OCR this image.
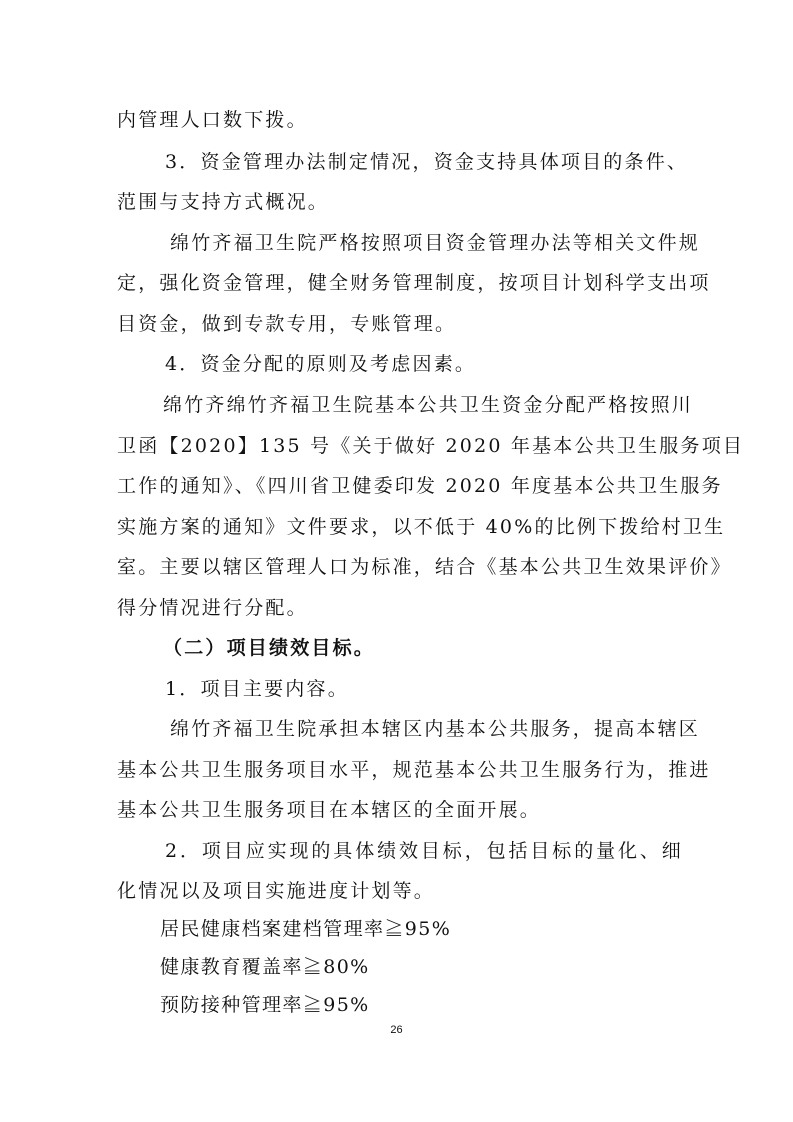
内管理人口数下拨。
3．资金管理办法制定情况，资金支持具体项目的条件、
范围与支持方式概况。
绵竹齐福卫生院严格按照项目资金管理办法等相关文件规
定，强化资金管理，健全财务管理制度，按项目计划科学支出项
目资金，做到专款专用，专账管理。
4．资金分配的原则及考虑因素。
绵竹齐绵竹齐福卫生院基本公共卫生资金分配严格按照川
卫函【2020】135 号《关于做好 2020 年基本公共卫生服务项目
工作的通知》、《四川省卫健委印发 2020 年度基本公共卫生服务
实施方案的通知》文件要求，以不低于 40%的比例下拨给村卫生
室。主要以辖区管理人口为标准，结合《基本公共卫生效果评价》
得分情况进行分配。
（二）项目绩效目标。
1．项目主要内容。
绵竹齐福卫生院承担本辖区内基本公共服务，提高本辖区
基本公共卫生服务项目水平，规范基本公共卫生服务行为，推进
基本公共卫生服务项目在本辖区的全面开展。
2．项目应实现的具体绩效目标，包括目标的量化、细
化情况以及项目实施进度计划等。
居民健康档案建档管理率≧95%
健康教育覆盖率≧80%
预防接种管理率≧95%
26
